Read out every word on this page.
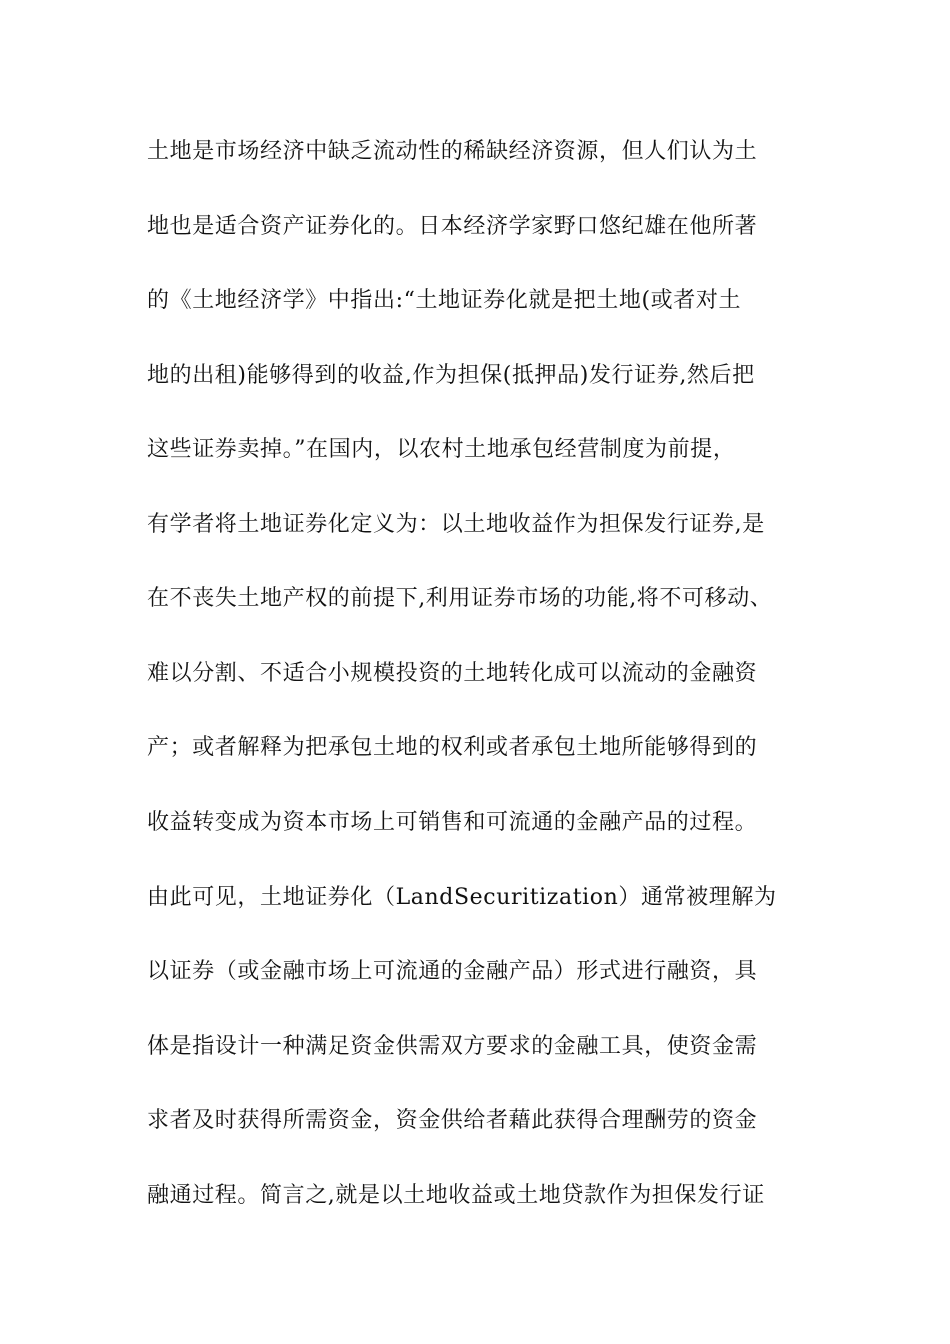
土地是市场经济中缺乏流动性的稀缺经济资源，但人们认为土
地也是适合资产证券化的。日本经济学家野口悠纪雄在他所著
的《土地经济学》中指出:“土地证券化就是把土地(或者对土
地的出租)能够得到的收益,作为担保(抵押品)发行证券,然后把
这些证券卖掉。”在国内，以农村土地承包经营制度为前提，
有学者将土地证券化定义为：以土地收益作为担保发行证券,是
在不丧失土地产权的前提下,利用证券市场的功能,将不可移动、
难以分割、不适合小规模投资的土地转化成可以流动的金融资
产；或者解释为把承包土地的权利或者承包土地所能够得到的
收益转变成为资本市场上可销售和可流通的金融产品的过程。
由此可见，土地证券化（LandSecuritization）通常被理解为
以证券（或金融市场上可流通的金融产品）形式进行融资，具
体是指设计一种满足资金供需双方要求的金融工具，使资金需
求者及时获得所需资金，资金供给者藉此获得合理酬劳的资金
融通过程。简言之,就是以土地收益或土地贷款作为担保发行证
